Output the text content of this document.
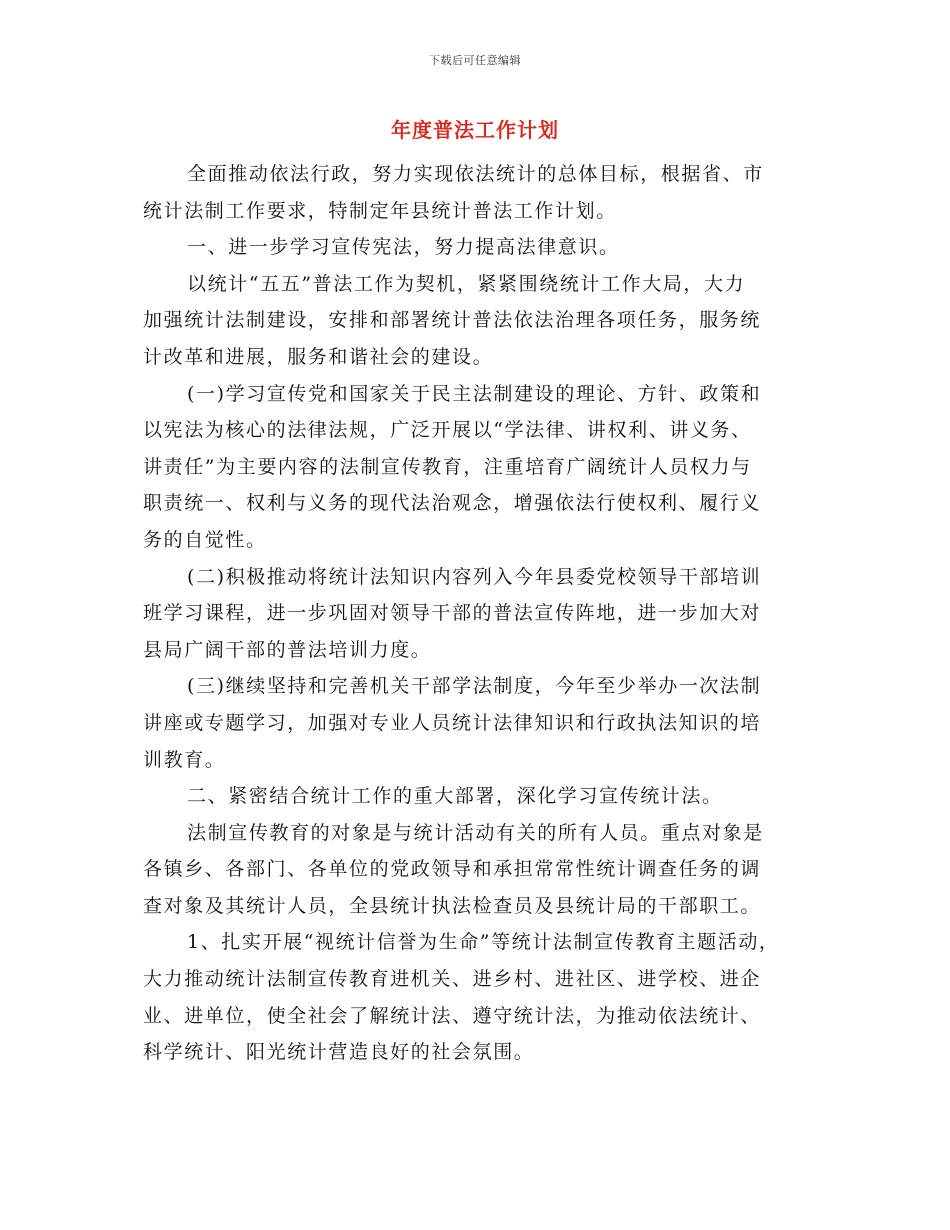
下载后可任意编辑
年度普法工作计划
全面推动依法行政，努力实现依法统计的总体目标，根据省、市
统计法制工作要求，特制定年县统计普法工作计划。
一、进一步学习宣传宪法，努力提高法律意识。
以统计“五五”普法工作为契机，紧紧围绕统计工作大局，大力
加强统计法制建设，安排和部署统计普法依法治理各项任务，服务统
计改革和进展，服务和谐社会的建设。
(一)学习宣传党和国家关于民主法制建设的理论、方针、政策和
以宪法为核心的法律法规，广泛开展以“学法律、讲权利、讲义务、
讲责任”为主要内容的法制宣传教育，注重培育广阔统计人员权力与
职责统一、权利与义务的现代法治观念，增强依法行使权利、履行义
务的自觉性。
(二)积极推动将统计法知识内容列入今年县委党校领导干部培训
班学习课程，进一步巩固对领导干部的普法宣传阵地，进一步加大对
县局广阔干部的普法培训力度。
(三)继续坚持和完善机关干部学法制度，今年至少举办一次法制
讲座或专题学习，加强对专业人员统计法律知识和行政执法知识的培
训教育。
二、紧密结合统计工作的重大部署，深化学习宣传统计法。
法制宣传教育的对象是与统计活动有关的所有人员。重点对象是
各镇乡、各部门、各单位的党政领导和承担常常性统计调查任务的调
查对象及其统计人员，全县统计执法检查员及县统计局的干部职工。
1、扎实开展“视统计信誉为生命”等统计法制宣传教育主题活动，
大力推动统计法制宣传教育进机关、进乡村、进社区、进学校、进企
业、进单位，使全社会了解统计法、遵守统计法，为推动依法统计、
科学统计、阳光统计营造良好的社会氛围。
